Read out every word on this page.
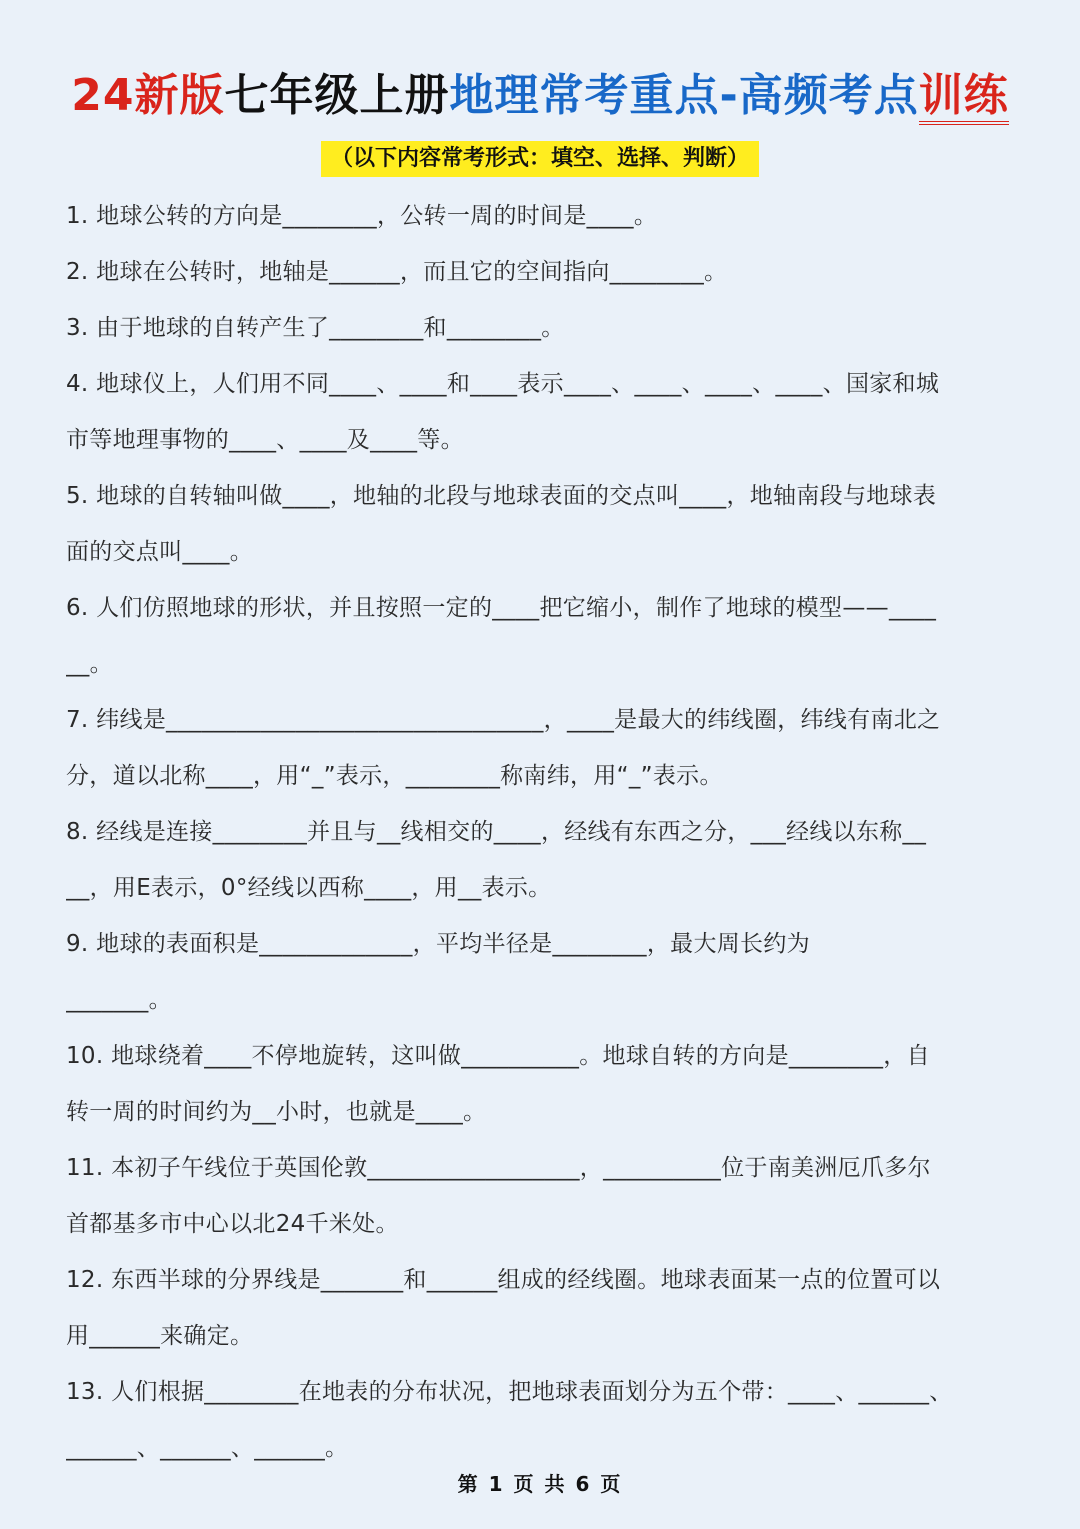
24新版七年级上册地理常考重点-高频考点训练
（以下内容常考形式：填空、选择、判断）
1. 地球公转的方向是________，公转一周的时间是____。
2. 地球在公转时，地轴是______，而且它的空间指向________。
3. 由于地球的自转产生了________和________。
4. 地球仪上，人们用不同____、____和____表示____、____、____、____、国家和城
市等地理事物的____、____及____等。
5. 地球的自转轴叫做____，地轴的北段与地球表面的交点叫____，地轴南段与地球表
面的交点叫____。
6. 人们仿照地球的形状，并且按照一定的____把它缩小，制作了地球的模型——____
__。
7. 纬线是________________________________，____是最大的纬线圈，纬线有南北之
分，道以北称____，用“_”表示，________称南纬，用“_”表示。
8. 经线是连接________并且与__线相交的____，经线有东西之分，___经线以东称__
__，用E表示，0°经线以西称____，用__表示。
9. 地球的表面积是_____________，平均半径是________，最大周长约为
_______。
10. 地球绕着____不停地旋转，这叫做__________。地球自转的方向是________，自
转一周的时间约为__小时，也就是____。
11. 本初子午线位于英国伦敦__________________，__________位于南美洲厄爪多尔
首都基多市中心以北24千米处。
12. 东西半球的分界线是_______和______组成的经线圈。地球表面某一点的位置可以
用______来确定。
13. 人们根据________在地表的分布状况，把地球表面划分为五个带：____、______、
______、______、______。
第 1 页 共 6 页
